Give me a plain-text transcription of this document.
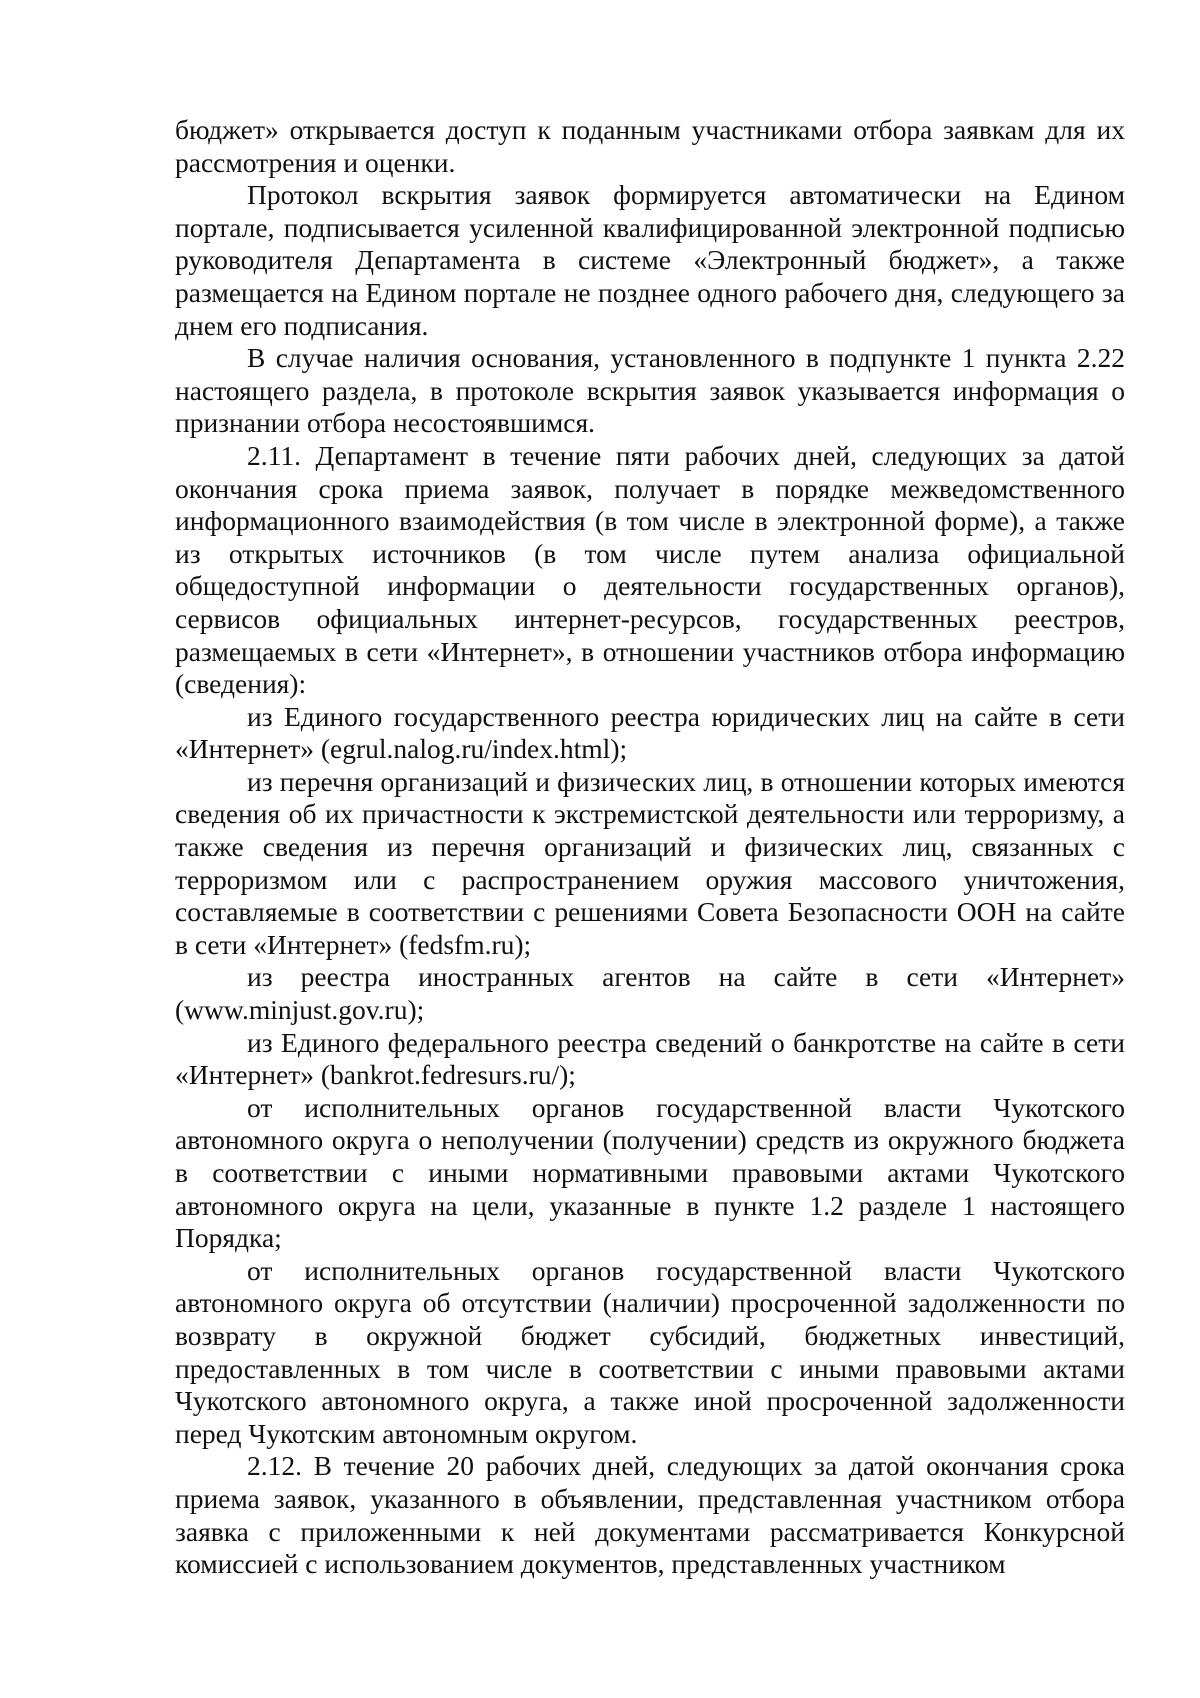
бюджет» открывается доступ к поданным участниками отбора заявкам для их рассмотрения и оценки.

Протокол вскрытия заявок формируется автоматически на Едином портале, подписывается усиленной квалифицированной электронной подписью руководителя Департамента в системе «Электронный бюджет», а также размещается на Едином портале не позднее одного рабочего дня, следующего за днем его подписания.

В случае наличия основания, установленного в подпункте 1 пункта 2.22 настоящего раздела, в протоколе вскрытия заявок указывается информация о признании отбора несостоявшимся.

2.11. Департамент в течение пяти рабочих дней, следующих за датой окончания срока приема заявок, получает в порядке межведомственного информационного взаимодействия (в том числе в электронной форме), а также из открытых источников (в том числе путем анализа официальной общедоступной информации о деятельности государственных органов), сервисов официальных интернет-ресурсов, государственных реестров, размещаемых в сети «Интернет», в отношении участников отбора информацию (сведения):

из Единого государственного реестра юридических лиц на сайте в сети «Интернет» (egrul.nalog.ru/index.html);

из перечня организаций и физических лиц, в отношении которых имеются сведения об их причастности к экстремистской деятельности или терроризму, а также сведения из перечня организаций и физических лиц, связанных с терроризмом или с распространением оружия массового уничтожения, составляемые в соответствии с решениями Совета Безопасности ООН на сайте в сети «Интернет» (fedsfm.ru);

из реестра иностранных агентов на сайте в сети «Интернет» (www.minjust.gov.ru);

из Единого федерального реестра сведений о банкротстве на сайте в сети «Интернет» (bankrot.fedresurs.ru/);

от исполнительных органов государственной власти Чукотского автономного округа о неполучении (получении) средств из окружного бюджета в соответствии с иными нормативными правовыми актами Чукотского автономного округа на цели, указанные в пункте 1.2 разделе 1 настоящего Порядка;

от исполнительных органов государственной власти Чукотского автономного округа об отсутствии (наличии) просроченной задолженности по возврату в окружной бюджет субсидий, бюджетных инвестиций, предоставленных в том числе в соответствии с иными правовыми актами Чукотского автономного округа, а также иной просроченной задолженности перед Чукотским автономным округом.

2.12. В течение 20 рабочих дней, следующих за датой окончания срока приема заявок, указанного в объявлении, представленная участником отбора заявка с приложенными к ней документами рассматривается Конкурсной комиссией с использованием документов, представленных участником
